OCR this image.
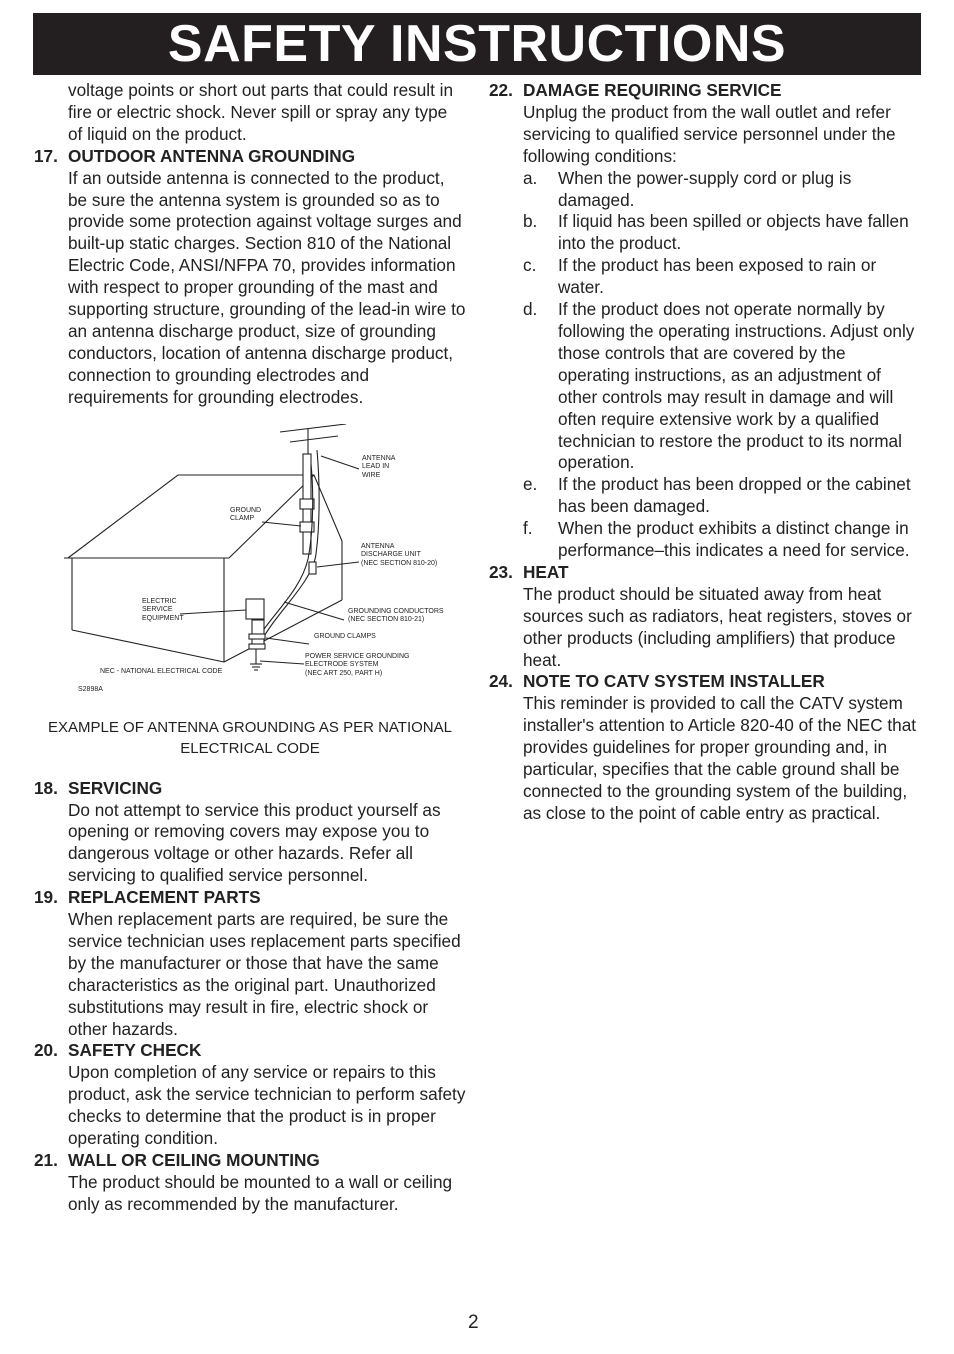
SAFETY INSTRUCTIONS
voltage points or short out parts that could result in fire or electric shock. Never spill or spray any type of liquid on the product.
17. OUTDOOR ANTENNA GROUNDING
If an outside antenna is connected to the product, be sure the antenna system is grounded so as to provide some protection against voltage surges and built-up static charges. Section 810 of the National Electric Code, ANSI/NFPA 70, provides information with respect to proper grounding of the mast and supporting structure, grounding of the lead-in wire to an antenna discharge product, size of grounding conductors, location of antenna discharge product, connection to grounding electrodes and requirements for grounding electrodes.
ANTENNA
LEAD IN
WIRE
GROUND
CLAMP
ANTENNA
DISCHARGE UNIT
(NEC SECTION 810-20)
ELECTRIC
SERVICE
EQUIPMENT
GROUNDING CONDUCTORS
(NEC SECTION 810-21)
GROUND CLAMPS
POWER SERVICE GROUNDING
ELECTRODE SYSTEM
(NEC ART 250, PART H)
NEC - NATIONAL ELECTRICAL CODE
S2898A
EXAMPLE OF ANTENNA GROUNDING AS PER NATIONAL ELECTRICAL CODE
18. SERVICING
Do not attempt to service this product yourself as opening or removing covers may expose you to dangerous voltage or other hazards. Refer all servicing to qualified service personnel.
19. REPLACEMENT PARTS
When replacement parts are required, be sure the service technician uses replacement parts specified by the manufacturer or those that have the same characteristics as the original part. Unauthorized substitutions may result in fire, electric shock or other hazards.
20. SAFETY CHECK
Upon completion of any service or repairs to this product, ask the service technician to perform safety checks to determine that the product is in proper operating condition.
21. WALL OR CEILING MOUNTING
The product should be mounted to a wall or ceiling only as recommended by the manufacturer.
22. DAMAGE REQUIRING SERVICE
Unplug the product from the wall outlet and refer servicing to qualified service personnel under the following conditions:
a. When the power-supply cord or plug is damaged.
b. If liquid has been spilled or objects have fallen into the product.
c. If the product has been exposed to rain or water.
d. If the product does not operate normally by following the operating instructions. Adjust only those controls that are covered by the operating instructions, as an adjustment of other controls may result in damage and will often require extensive work by a qualified technician to restore the product to its normal operation.
e. If the product has been dropped or the cabinet has been damaged.
f. When the product exhibits a distinct change in performance–this indicates a need for service.
23. HEAT
The product should be situated away from heat sources such as radiators, heat registers, stoves or other products (including amplifiers) that produce heat.
24. NOTE TO CATV SYSTEM INSTALLER
This reminder is provided to call the CATV system installer's attention to Article 820-40 of the NEC that provides guidelines for proper grounding and, in particular, specifies that the cable ground shall be connected to the grounding system of the building, as close to the point of cable entry as practical.
2
